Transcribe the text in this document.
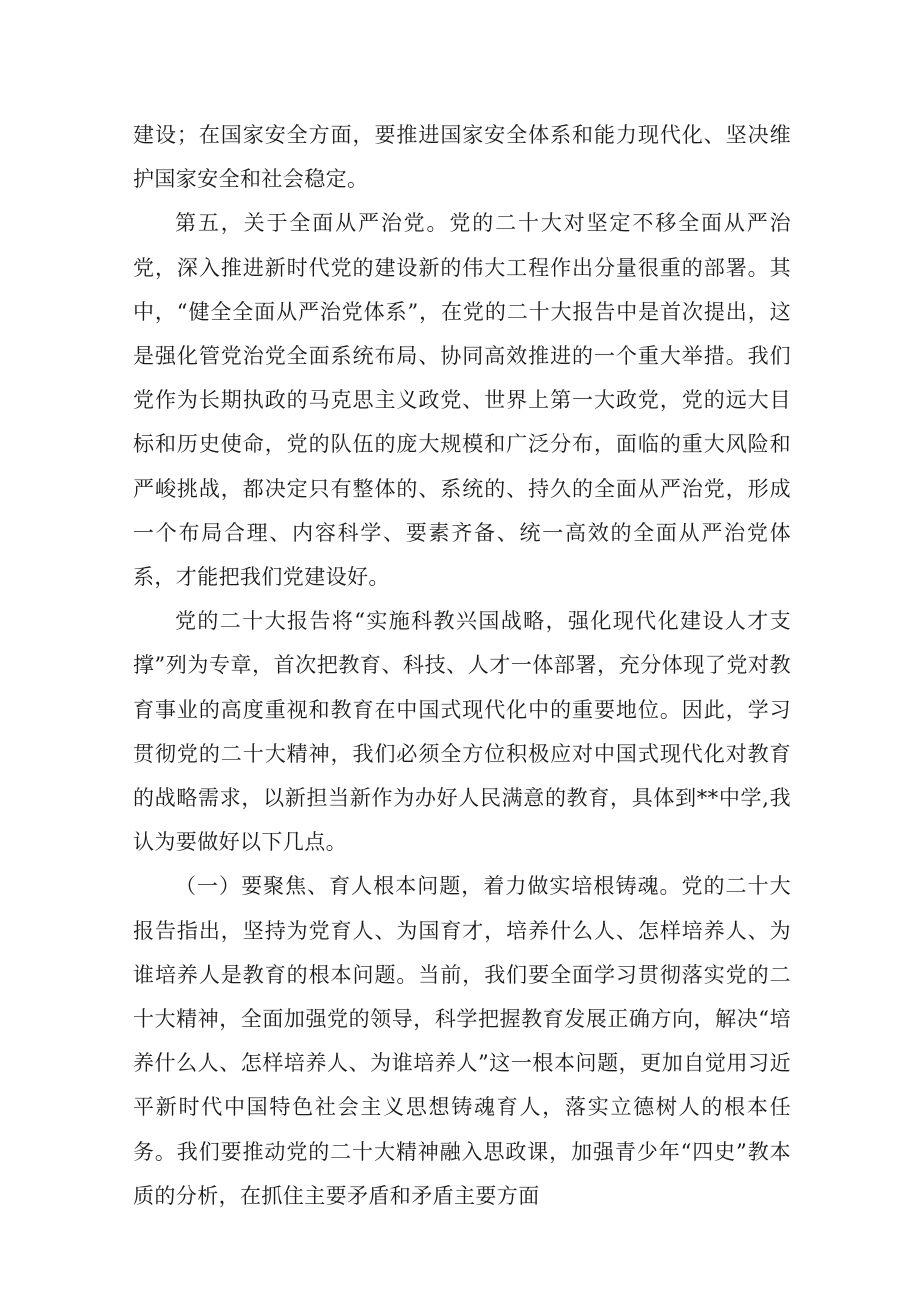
建设；在国家安全方面，要推进国家安全体系和能力现代化、坚决维护国家安全和社会稳定。

第五，关于全面从严治党。党的二十大对坚定不移全面从严治党，深入推进新时代党的建设新的伟大工程作出分量很重的部署。其中，“健全全面从严治党体系”，在党的二十大报告中是首次提出，这是强化管党治党全面系统布局、协同高效推进的一个重大举措。我们党作为长期执政的马克思主义政党、世界上第一大政党，党的远大目标和历史使命，党的队伍的庞大规模和广泛分布，面临的重大风险和严峻挑战，都决定只有整体的、系统的、持久的全面从严治党，形成一个布局合理、内容科学、要素齐备、统一高效的全面从严治党体系，才能把我们党建设好。

党的二十大报告将“实施科教兴国战略，强化现代化建设人才支撑”列为专章，首次把教育、科技、人才一体部署，充分体现了党对教育事业的高度重视和教育在中国式现代化中的重要地位。因此，学习贯彻党的二十大精神，我们必须全方位积极应对中国式现代化对教育的战略需求，以新担当新作为办好人民满意的教育，具体到**中学,我认为要做好以下几点。

（一）要聚焦、育人根本问题，着力做实培根铸魂。党的二十大报告指出，坚持为党育人、为国育才，培养什么人、怎样培养人、为谁培养人是教育的根本问题。当前，我们要全面学习贯彻落实党的二十大精神，全面加强党的领导，科学把握教育发展正确方向，解决“培养什么人、怎样培养人、为谁培养人”这一根本问题，更加自觉用习近平新时代中国特色社会主义思想铸魂育人，落实立德树人的根本任务。我们要推动党的二十大精神融入思政课，加强青少年“四史”教本质的分析，在抓住主要矛盾和矛盾主要方面
